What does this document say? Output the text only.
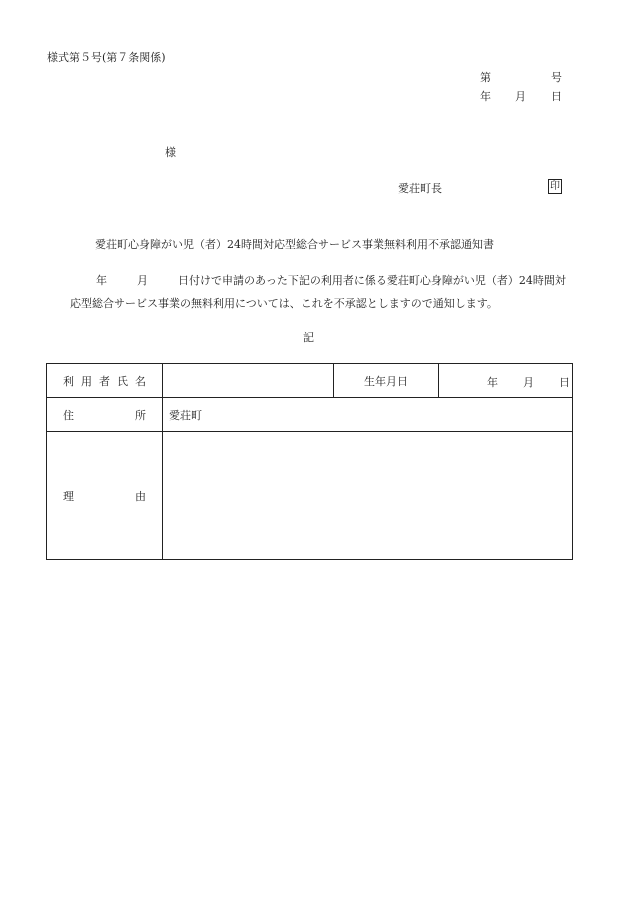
様式第５号(第７条関係)
第	号
年 月 日
様
愛荘町長	印
愛荘町心身障がい児（者）24時間対応型総合サービス事業無料利用不承認通知書
年	月	日付けで申請のあった下記の利用者に係る愛荘町心身障がい児（者）24時間対応型総合サービス事業の無料利用については、これを不承認としますので通知します。
記
利 用 者 氏 名		生年月日	年 月 日

住 所	愛荘町		

理 由			
